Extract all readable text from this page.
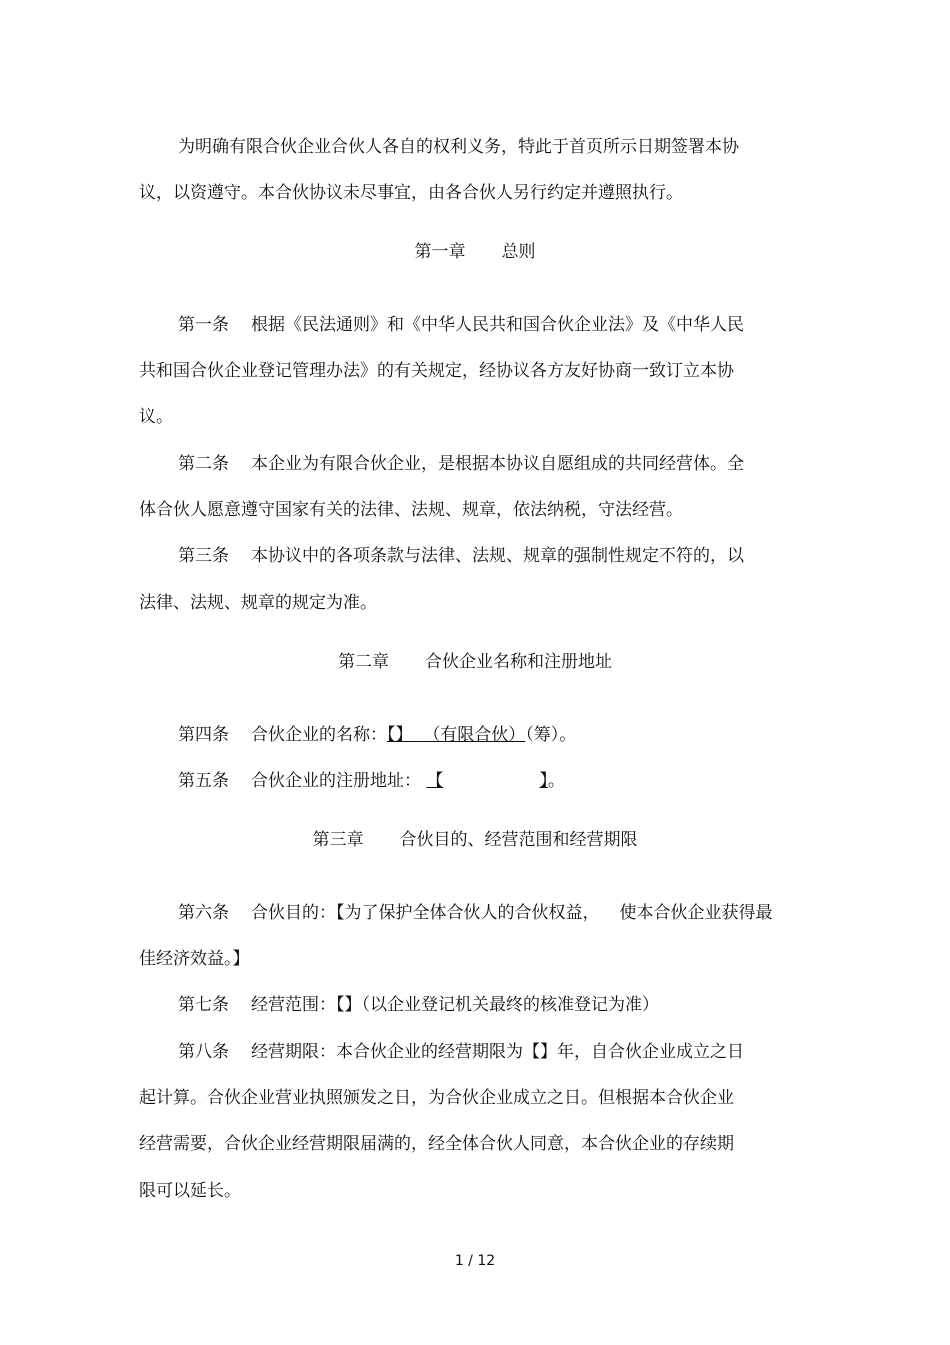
为明确有限合伙企业合伙人各自的权利义务，特此于首页所示日期签署本协
议，以资遵守。本合伙协议未尽事宜，由各合伙人另行约定并遵照执行。
第一章 总则
第一条 根据《民法通则》和《中华人民共和国合伙企业法》及《中华人民
共和国合伙企业登记管理办法》的有关规定，经协议各方友好协商一致订立本协
议。
第二条 本企业为有限合伙企业，是根据本协议自愿组成的共同经营体。全
体合伙人愿意遵守国家有关的法律、法规、规章，依法纳税，守法经营。
第三条 本协议中的各项条款与法律、法规、规章的强制性规定不符的，以
法律、法规、规章的规定为准。
第二章 合伙企业名称和注册地址
第四条 合伙企业的名称：【】 （有限合伙）（筹）。
第五条 合伙企业的注册地址： 【	】。
第三章 合伙目的、经营范围和经营期限
第六条 合伙目的：【为了保护全体合伙人的合伙权益， 使本合伙企业获得最
佳经济效益。】
第七条 经营范围：【】（以企业登记机关最终的核准登记为准）
第八条 经营期限：本合伙企业的经营期限为【】年，自合伙企业成立之日
起计算。合伙企业营业执照颁发之日，为合伙企业成立之日。但根据本合伙企业
经营需要，合伙企业经营期限届满的，经全体合伙人同意，本合伙企业的存续期
限可以延长。
1 / 12
